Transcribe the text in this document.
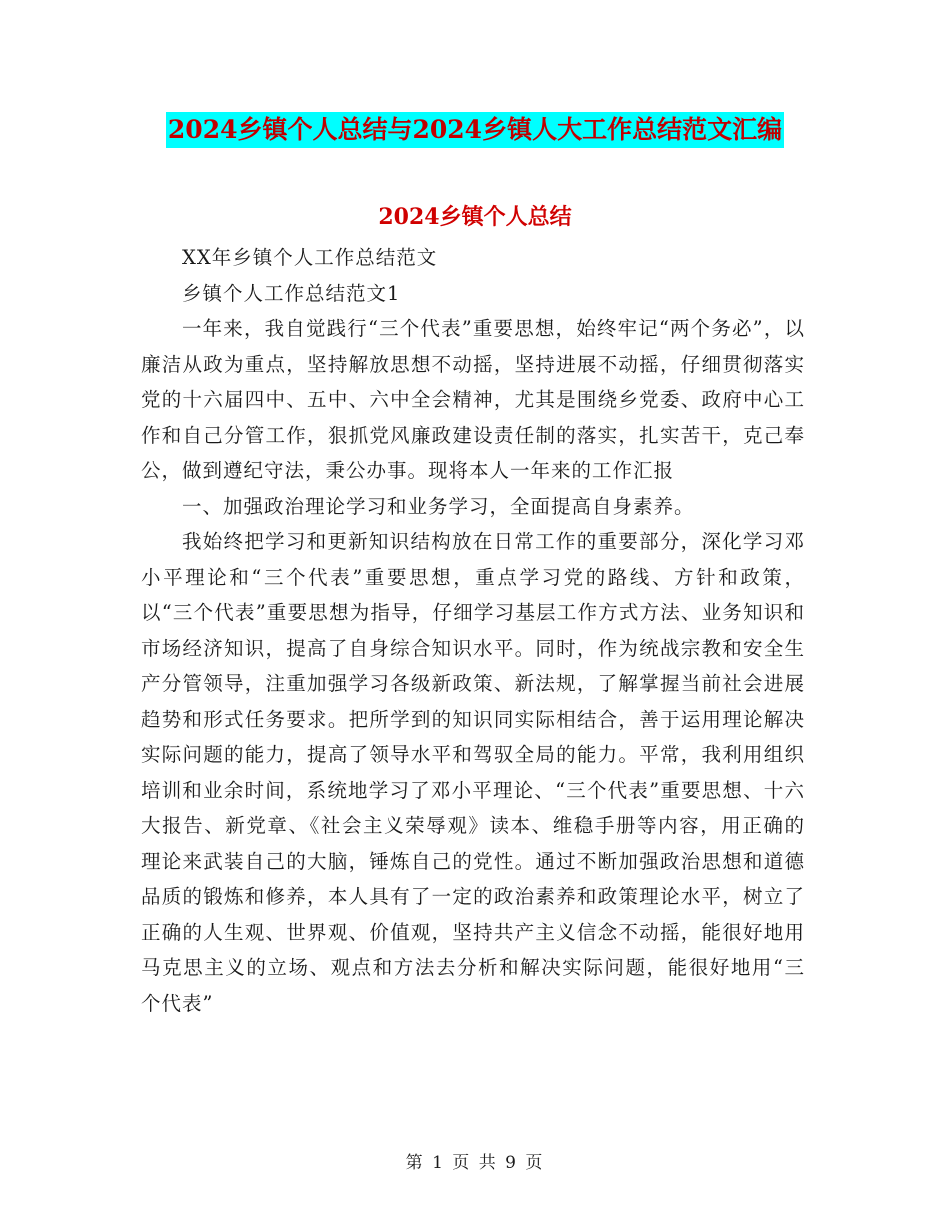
2024乡镇个人总结与2024乡镇人大工作总结范文汇编
2024乡镇个人总结

XX年乡镇个人工作总结范文

乡镇个人工作总结范文1

一年来，我自觉践行“三个代表”重要思想，始终牢记“两个务必”，以廉洁从政为重点，坚持解放思想不动摇，坚持进展不动摇，仔细贯彻落实党的十六届四中、五中、六中全会精神，尤其是围绕乡党委、政府中心工作和自己分管工作，狠抓党风廉政建设责任制的落实，扎实苦干，克己奉公，做到遵纪守法，秉公办事。现将本人一年来的工作汇报

一、加强政治理论学习和业务学习，全面提高自身素养。

我始终把学习和更新知识结构放在日常工作的重要部分，深化学习邓小平理论和“三个代表”重要思想，重点学习党的路线、方针和政策，以“三个代表”重要思想为指导，仔细学习基层工作方式方法、业务知识和市场经济知识，提高了自身综合知识水平。同时，作为统战宗教和安全生产分管领导，注重加强学习各级新政策、新法规，了解掌握当前社会进展趋势和形式任务要求。把所学到的知识同实际相结合，善于运用理论解决实际问题的能力，提高了领导水平和驾驭全局的能力。平常，我利用组织培训和业余时间，系统地学习了邓小平理论、“三个代表”重要思想、十六大报告、新党章、《社会主义荣辱观》读本、维稳手册等内容，用正确的理论来武装自己的大脑，锤炼自己的党性。通过不断加强政治思想和道德品质的锻炼和修养，本人具有了一定的政治素养和政策理论水平，树立了正确的人生观、世界观、价值观，坚持共产主义信念不动摇，能很好地用马克思主义的立场、观点和方法去分析和解决实际问题，能很好地用“三个代表”

第 1 页 共 9 页
